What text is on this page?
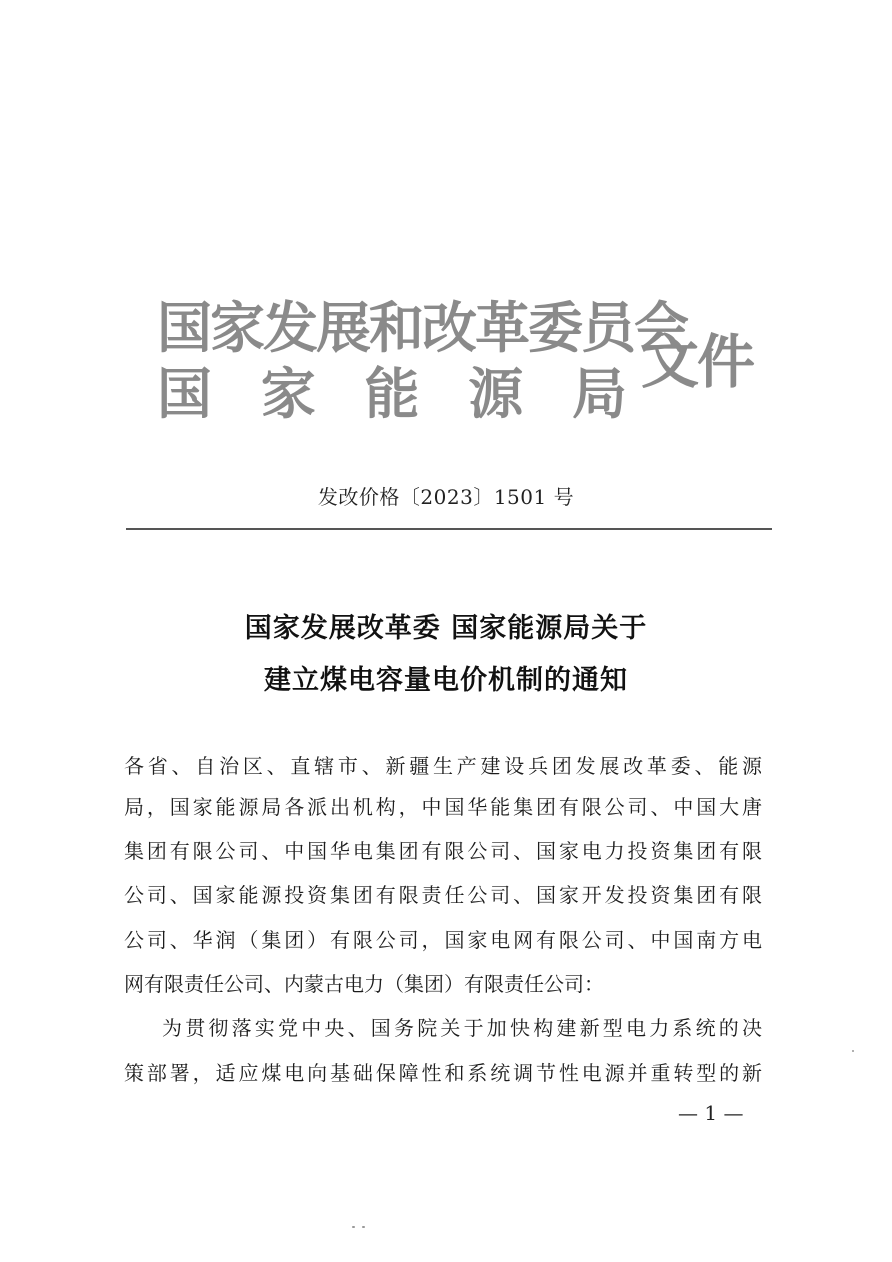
国家发展和改革委员会
国 家 能 源 局 文件
发改价格〔2023〕1501 号
国家发展改革委 国家能源局关于
建立煤电容量电价机制的通知
各省、自治区、直辖市、新疆生产建设兵团发展改革委、能源
局，国家能源局各派出机构，中国华能集团有限公司、中国大唐
集团有限公司、中国华电集团有限公司、国家电力投资集团有限
公司、国家能源投资集团有限责任公司、国家开发投资集团有限
公司、华润（集团）有限公司，国家电网有限公司、中国南方电
网有限责任公司、内蒙古电力（集团）有限责任公司：
为贯彻落实党中央、国务院关于加快构建新型电力系统的决
策部署，适应煤电向基础保障性和系统调节性电源并重转型的新
— 1 —
